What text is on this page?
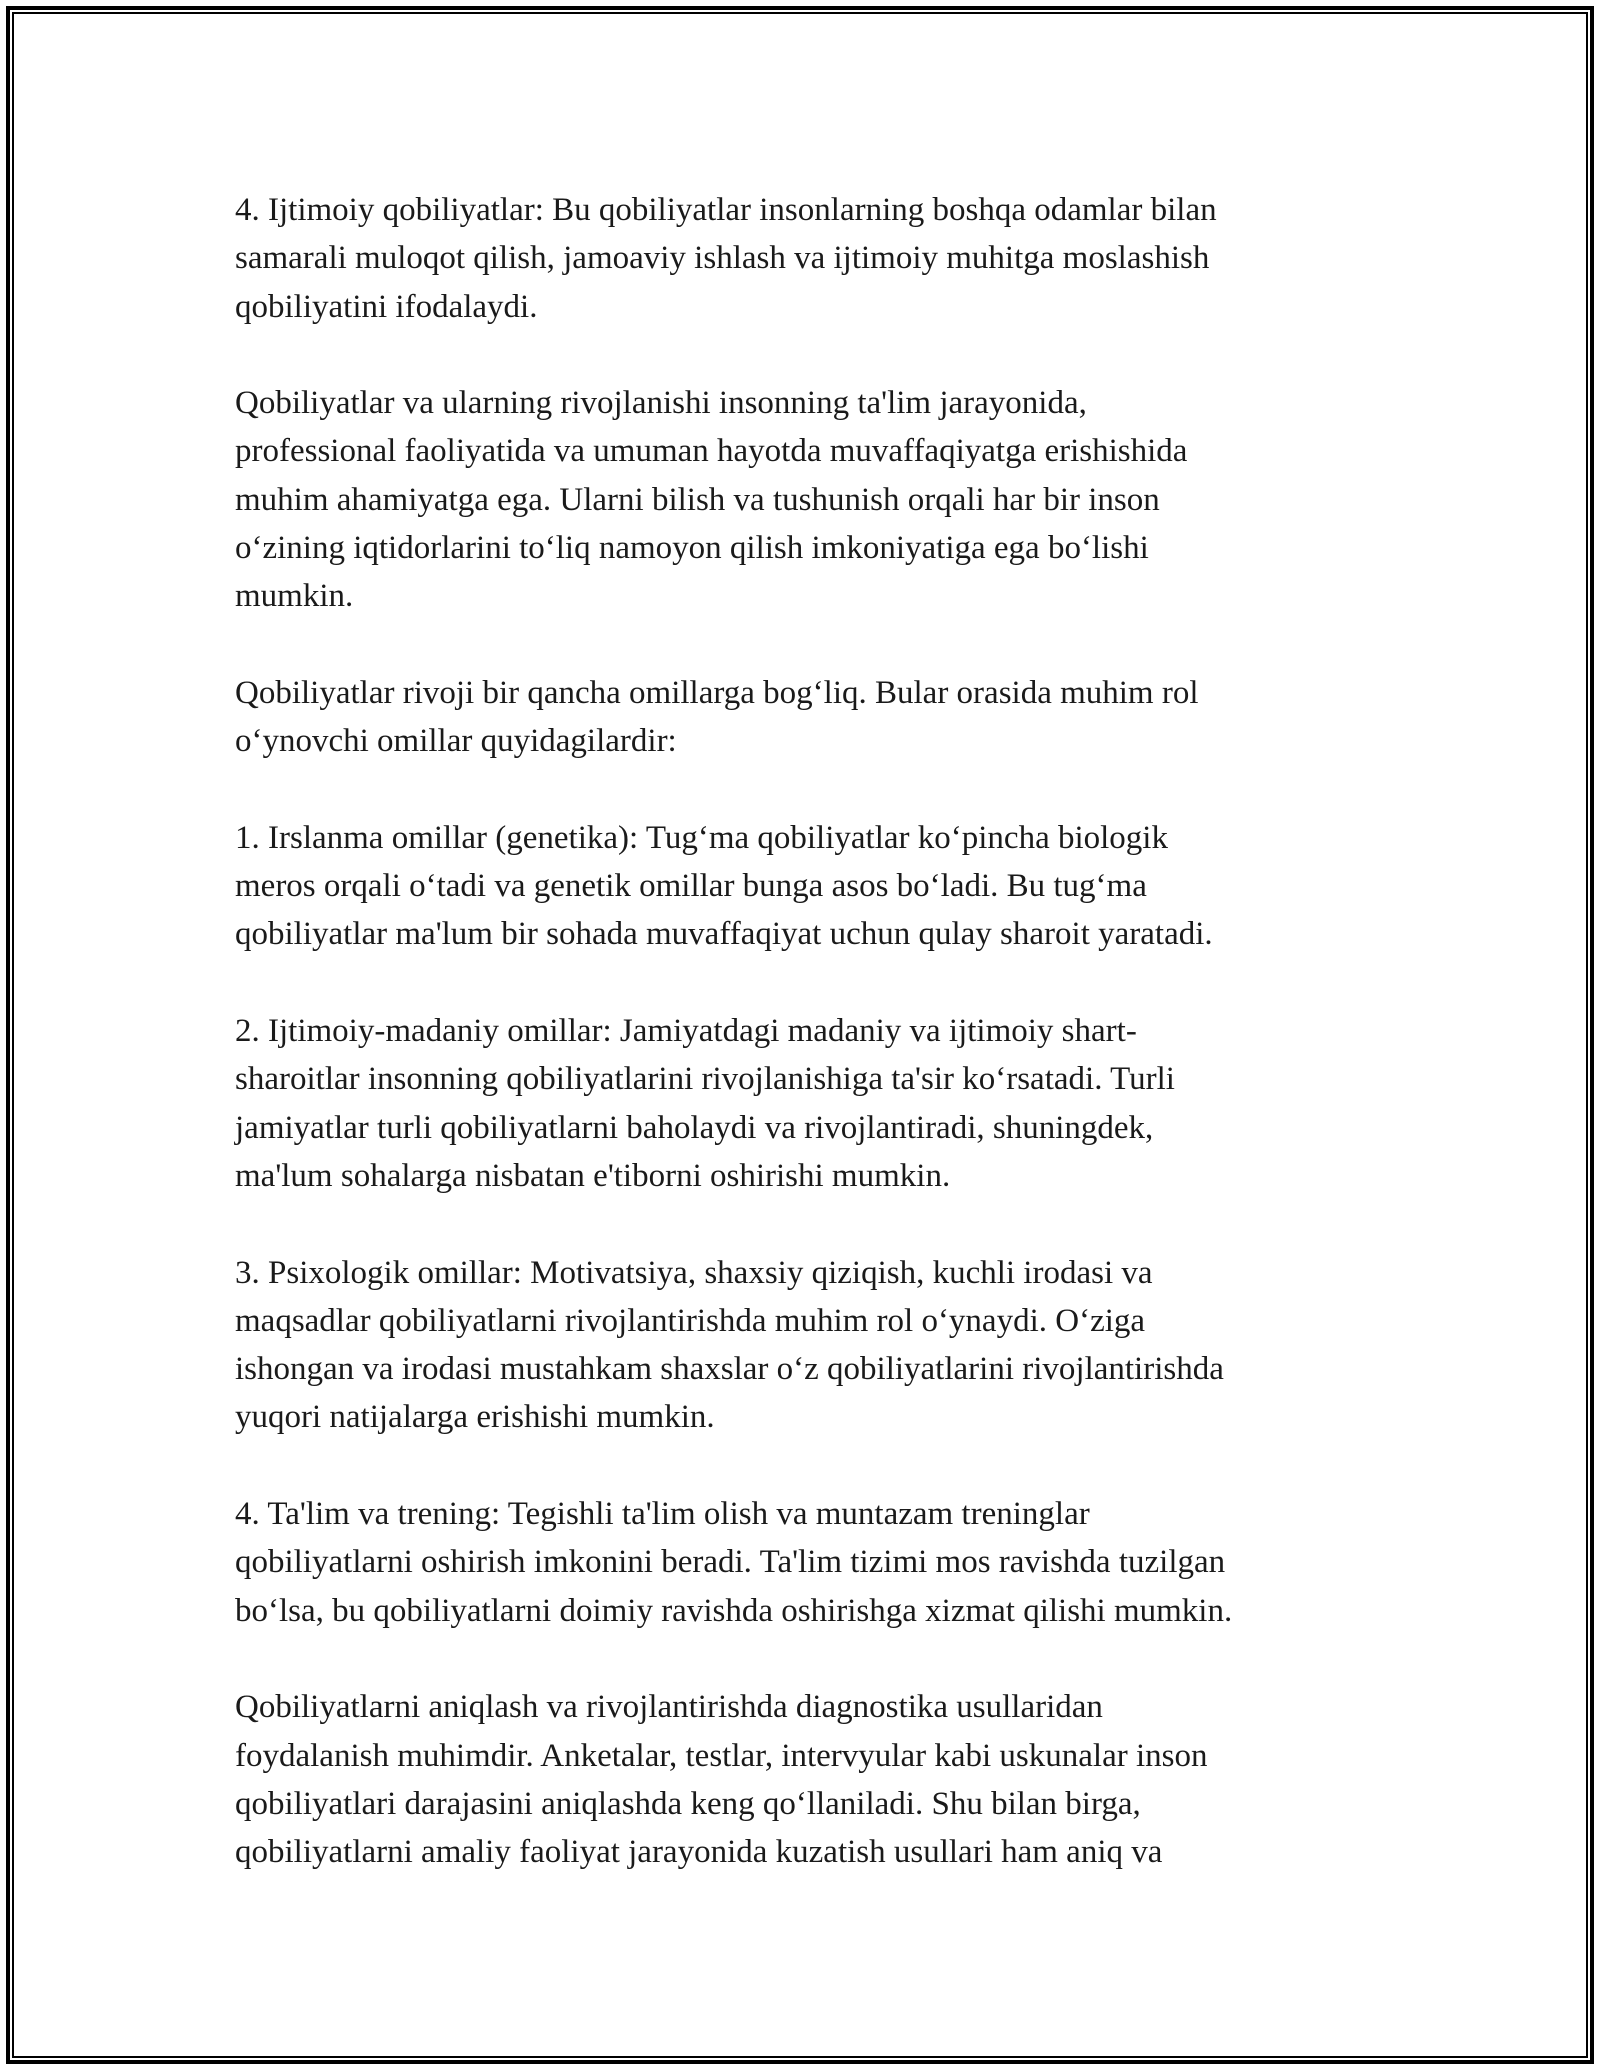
4. Ijtimoiy qobiliyatlar: Bu qobiliyatlar insonlarning boshqa odamlar bilan
samarali muloqot qilish, jamoaviy ishlash va ijtimoiy muhitga moslashish
qobiliyatini ifodalaydi.

Qobiliyatlar va ularning rivojlanishi insonning ta'lim jarayonida,
professional faoliyatida va umuman hayotda muvaffaqiyatga erishishida
muhim ahamiyatga ega. Ularni bilish va tushunish orqali har bir inson
o‘zining iqtidorlarini to‘liq namoyon qilish imkoniyatiga ega bo‘lishi
mumkin.

Qobiliyatlar rivoji bir qancha omillarga bog‘liq. Bular orasida muhim rol
o‘ynovchi omillar quyidagilardir:

1. Irslanma omillar (genetika): Tug‘ma qobiliyatlar ko‘pincha biologik
meros orqali o‘tadi va genetik omillar bunga asos bo‘ladi. Bu tug‘ma
qobiliyatlar ma'lum bir sohada muvaffaqiyat uchun qulay sharoit yaratadi.

2. Ijtimoiy-madaniy omillar: Jamiyatdagi madaniy va ijtimoiy shart-
sharoitlar insonning qobiliyatlarini rivojlanishiga ta'sir ko‘rsatadi. Turli
jamiyatlar turli qobiliyatlarni baholaydi va rivojlantiradi, shuningdek,
ma'lum sohalarga nisbatan e'tiborni oshirishi mumkin.

3. Psixologik omillar: Motivatsiya, shaxsiy qiziqish, kuchli irodasi va
maqsadlar qobiliyatlarni rivojlantirishda muhim rol o‘ynaydi. O‘ziga
ishongan va irodasi mustahkam shaxslar o‘z qobiliyatlarini rivojlantirishda
yuqori natijalarga erishishi mumkin.

4. Ta'lim va trening: Tegishli ta'lim olish va muntazam treninglar
qobiliyatlarni oshirish imkonini beradi. Ta'lim tizimi mos ravishda tuzilgan
bo‘lsa, bu qobiliyatlarni doimiy ravishda oshirishga xizmat qilishi mumkin.

Qobiliyatlarni aniqlash va rivojlantirishda diagnostika usullaridan
foydalanish muhimdir. Anketalar, testlar, intervyular kabi uskunalar inson
qobiliyatlari darajasini aniqlashda keng qo‘llaniladi. Shu bilan birga,
qobiliyatlarni amaliy faoliyat jarayonida kuzatish usullari ham aniq va
